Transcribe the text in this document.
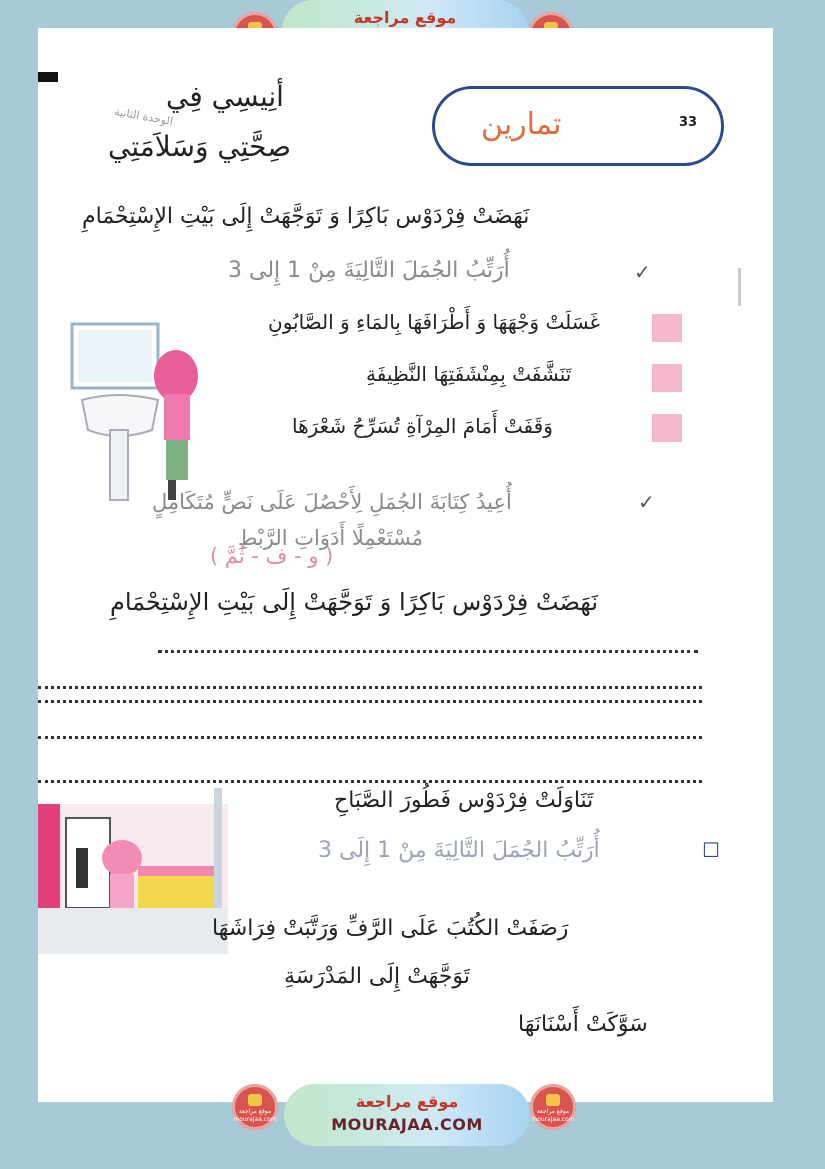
موقع مراجعة
33
تمارين
الوحدة الثانية
أنِيسِي فِي
صِحَّتِي وَسَلاَمَتِي
نَهَضَتْ فِرْدَوْس بَاكِرًا وَ تَوَجَّهَتْ إِلَى بَيْتِ الإِسْتِحْمَامِ
أُرَتِّبُ الجُمَلَ التَّالِيَةَ مِنْ 1 إِلى 3	✓
غَسَلَتْ وَجْهَهَا وَ أَطْرَافَهَا بِالمَاءِ وَ الصَّابُونِ
تَنَشَّفَتْ بِمِنْشَفَتِهَا النَّظِيفَةِ
وَقَفَتْ أَمَامَ المِرْآةِ تُسَرِّحُ شَعْرَهَا
✓
أُعِيدُ كِتَابَةَ الجُمَلِ لِأَحْصُلَ عَلَى نَصٍّ مُتَكَامِلٍ
مُسْتَعْمِلًا أَدَوَاتِ الرَّبْطِ
( و - ف - ثُمَّ )
نَهَضَتْ فِرْدَوْس بَاكِرًا وَ تَوَجَّهَتْ إِلَى بَيْتِ الإِسْتِحْمَامِ
تَنَاوَلَتْ فِرْدَوْس فَطُورَ الصَّبَاحِ
☐
أُرَتِّبُ الجُمَلَ التَّالِيَةَ مِنْ 1 إِلَى 3
رَصَفَتْ الكُتُبَ عَلَى الرَّفِّ وَرَتَّبَتْ فِرَاشَهَا
تَوَجَّهَتْ إِلَى المَدْرَسَةِ
سَوَّكَتْ أَسْنَانَهَا
موقع مراجعة
MOURAJAA.COM
موقع مراجعة
mourajaa.com
موقع مراجعة
mourajaa.com
